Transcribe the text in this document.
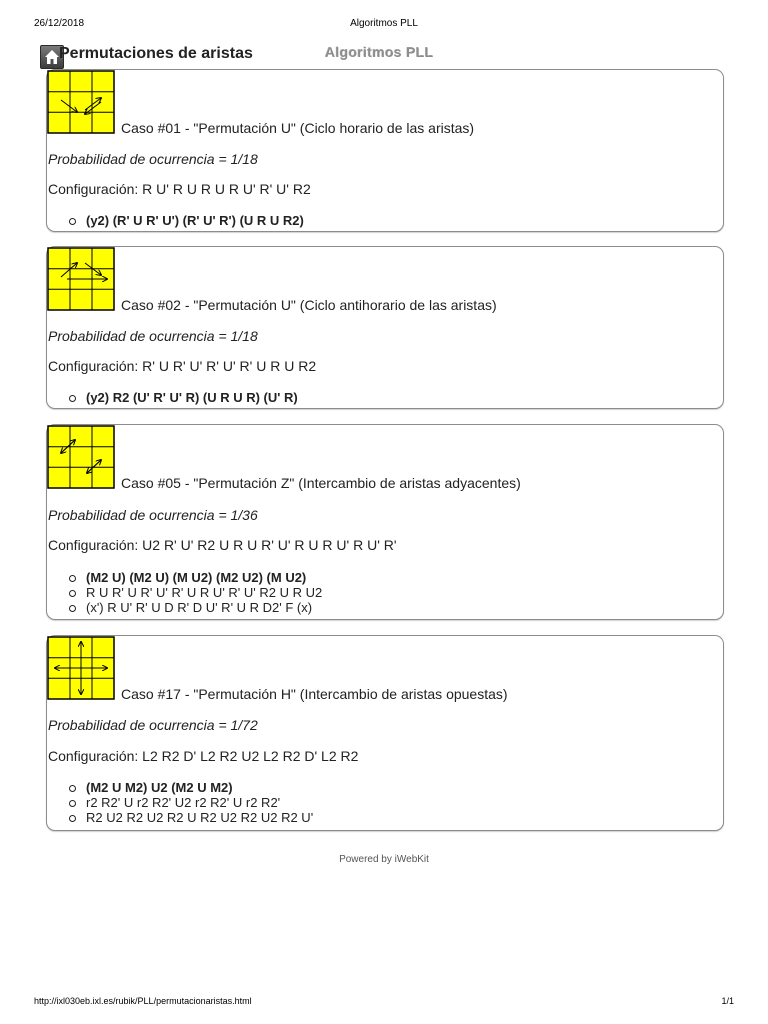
26/12/2018	Algoritmos PLL
Permutaciones de aristas	Algoritmos PLL
Caso #01 - "Permutación U" (Ciclo horario de las aristas)
Probabilidad de ocurrencia = 1/18
Configuración: R U' R U R U R U' R' U' R2
(y2) (R' U R' U') (R' U' R') (U R U R2)
Caso #02 - "Permutación U" (Ciclo antihorario de las aristas)
Probabilidad de ocurrencia = 1/18
Configuración: R' U R' U' R' U' R' U R U R2
(y2) R2 (U' R' U' R) (U R U R) (U' R)
Caso #05 - "Permutación Z" (Intercambio de aristas adyacentes)
Probabilidad de ocurrencia = 1/36
Configuración: U2 R' U' R2 U R U R' U' R U R U' R U' R'
(M2 U) (M2 U) (M U2) (M2 U2) (M U2)
R U R' U R' U' R' U R U' R' U' R2 U R U2
(x') R U' R' U D R' D U' R' U R D2' F (x)
Caso #17 - "Permutación H" (Intercambio de aristas opuestas)
Probabilidad de ocurrencia = 1/72
Configuración: L2 R2 D' L2 R2 U2 L2 R2 D' L2 R2
(M2 U M2) U2 (M2 U M2)
r2 R2' U r2 R2' U2 r2 R2' U r2 R2'
R2 U2 R2 U2 R2 U R2 U2 R2 U2 R2 U'
Powered by iWebKit
http://ixl030eb.ixl.es/rubik/PLL/permutacionaristas.html	1/1
